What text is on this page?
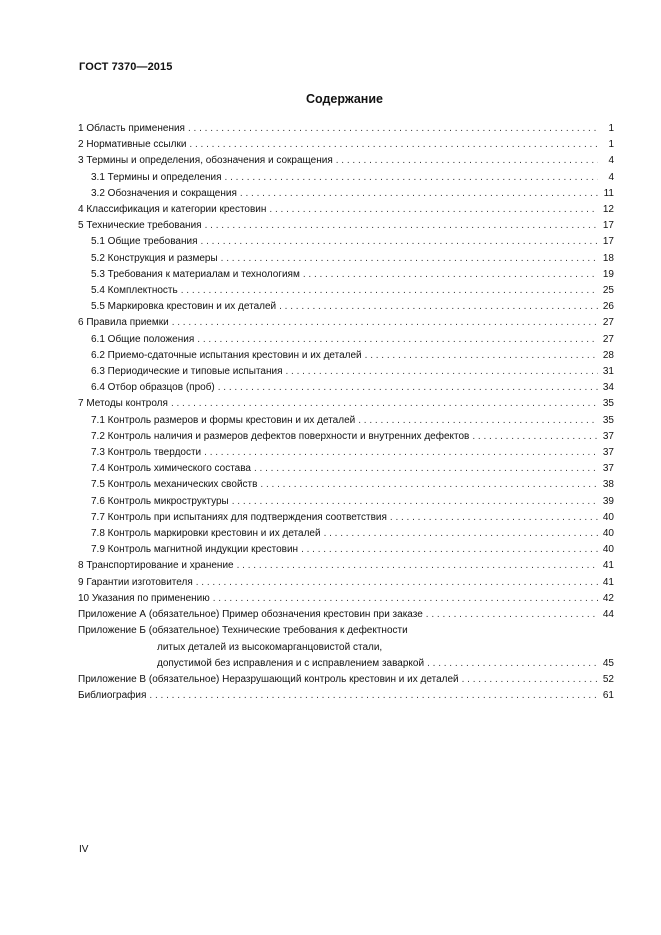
ГОСТ 7370—2015
Содержание
1 Область применения . . .	1
2 Нормативные ссылки . . .	1
3 Термины и определения, обозначения и сокращения . . .	4
3.1 Термины и определения . . .	4
3.2 Обозначения и сокращения . . .	11
4 Классификация и категории крестовин . . .	12
5 Технические требования . . .	17
5.1 Общие требования . . .	17
5.2 Конструкция и размеры . . .	18
5.3 Требования к материалам и технологиям . . .	19
5.4 Комплектность . . .	25
5.5 Маркировка крестовин и их деталей . . .	26
6 Правила приемки . . .	27
6.1 Общие положения . . .	27
6.2 Приемо-сдаточные испытания крестовин и их деталей . . .	28
6.3 Периодические и типовые испытания . . .	31
6.4 Отбор образцов (проб) . . .	34
7 Методы контроля . . .	35
7.1 Контроль размеров и формы крестовин и их деталей . . .	35
7.2 Контроль наличия и размеров дефектов поверхности и внутренних дефектов . . .	37
7.3 Контроль твердости . . .	37
7.4 Контроль химического состава . . .	37
7.5 Контроль механических свойств . . .	38
7.6 Контроль микроструктуры . . .	39
7.7 Контроль при испытаниях для подтверждения соответствия . . .	40
7.8 Контроль маркировки крестовин и их деталей . . .	40
7.9 Контроль магнитной индукции крестовин . . .	40
8 Транспортирование и хранение . . .	41
9 Гарантии изготовителя . . .	41
10 Указания по применению . . .	42
Приложение А (обязательное) Пример обозначения крестовин при заказе . . .	44
Приложение Б (обязательное) Технические требования к дефектности
литых деталей из высокомарганцовистой стали,
допустимой без исправления и с исправлением заваркой . . .	45
Приложение В (обязательное) Неразрушающий контроль крестовин и их деталей . . .	52
Библиография . . .	61
IV
